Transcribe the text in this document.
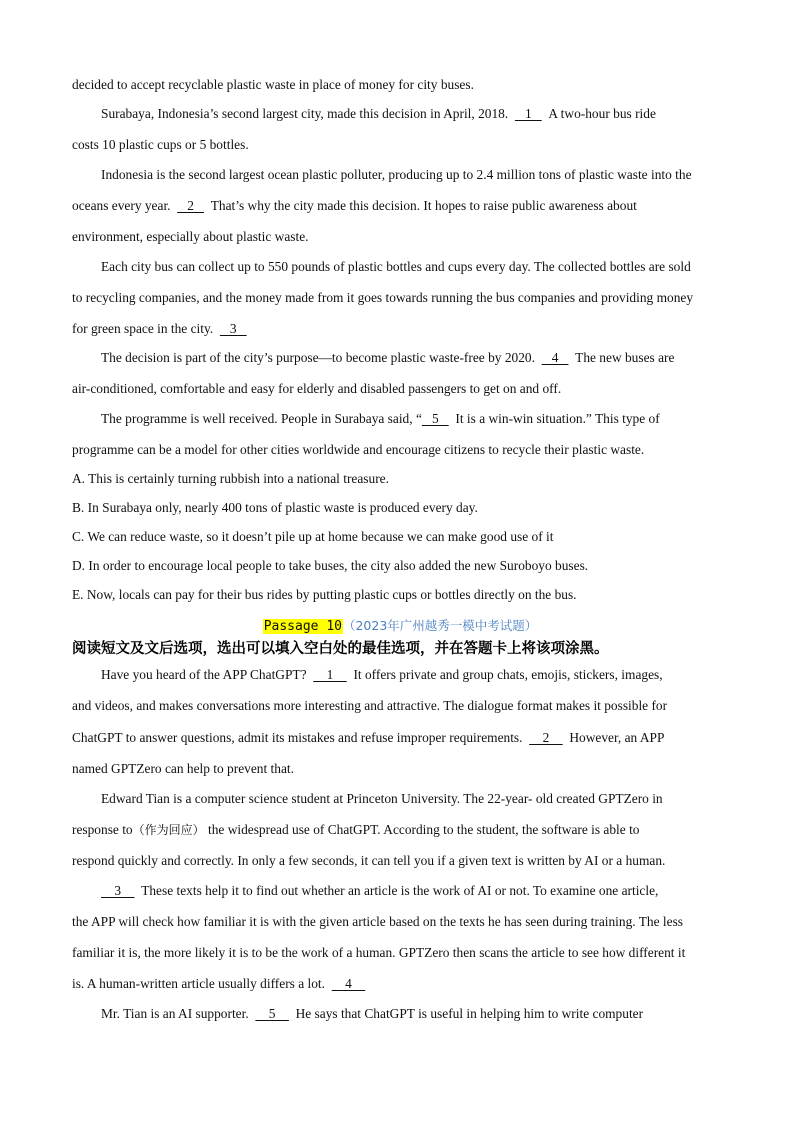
decided to accept recyclable plastic waste in place of money for city buses.
Surabaya, Indonesia’s second largest city, made this decision in April, 2018.     1     A two-hour bus ride
costs 10 plastic cups or 5 bottles.
Indonesia is the second largest ocean plastic polluter, producing up to 2.4 million tons of plastic waste into the
oceans every year.     2     That’s why the city made this decision. It hopes to raise public awareness about
environment, especially about plastic waste.
Each city bus can collect up to 550 pounds of plastic bottles and cups every day. The collected bottles are sold
to recycling companies, and the money made from it goes towards running the bus companies and providing money
for green space in the city.     3
The decision is part of the city’s purpose—to become plastic waste-free by 2020.     4     The new buses are
air-conditioned, comfortable and easy for elderly and disabled passengers to get on and off.
The programme is well received. People in Surabaya said, “   5     It is a win-win situation.” This type of
programme can be a model for other cities worldwide and encourage citizens to recycle their plastic waste.
A. This is certainly turning rubbish into a national treasure.
B. In Surabaya only, nearly 400 tons of plastic waste is produced every day.
C. We can reduce waste, so it doesn’t pile up at home because we can make good use of it
D. In order to encourage local people to take buses, the city also added the new Suroboyo buses.
E. Now, locals can pay for their bus rides by putting plastic cups or bottles directly on the bus.
Passage 10（2023年广州越秀一模中考试题）
阅读短文及文后选项，选出可以填入空白处的最佳选项，并在答题卡上将该项涂黑。
Have you heard of the APP ChatGPT?      1      It offers private and group chats, emojis, stickers, images,
and videos, and makes conversations more interesting and attractive. The dialogue format makes it possible for
ChatGPT to answer questions, admit its mistakes and refuse improper requirements.      2      However, an APP
named GPTZero can help to prevent that.
Edward Tian is a computer science student at Princeton University. The 22-year- old created GPTZero in
response to（作为回应） the widespread use of ChatGPT. According to the student, the software is able to
respond quickly and correctly. In only a few seconds, it can tell you if a given text is written by AI or a human.
3      These texts help it to find out whether an article is the work of AI or not. To examine one article,
the APP will check how familiar it is with the given article based on the texts he has seen during training. The less
familiar it is, the more likely it is to be the work of a human. GPTZero then scans the article to see how different it
is. A human-written article usually differs a lot.      4
Mr. Tian is an AI supporter.      5      He says that ChatGPT is useful in helping him to write computer
